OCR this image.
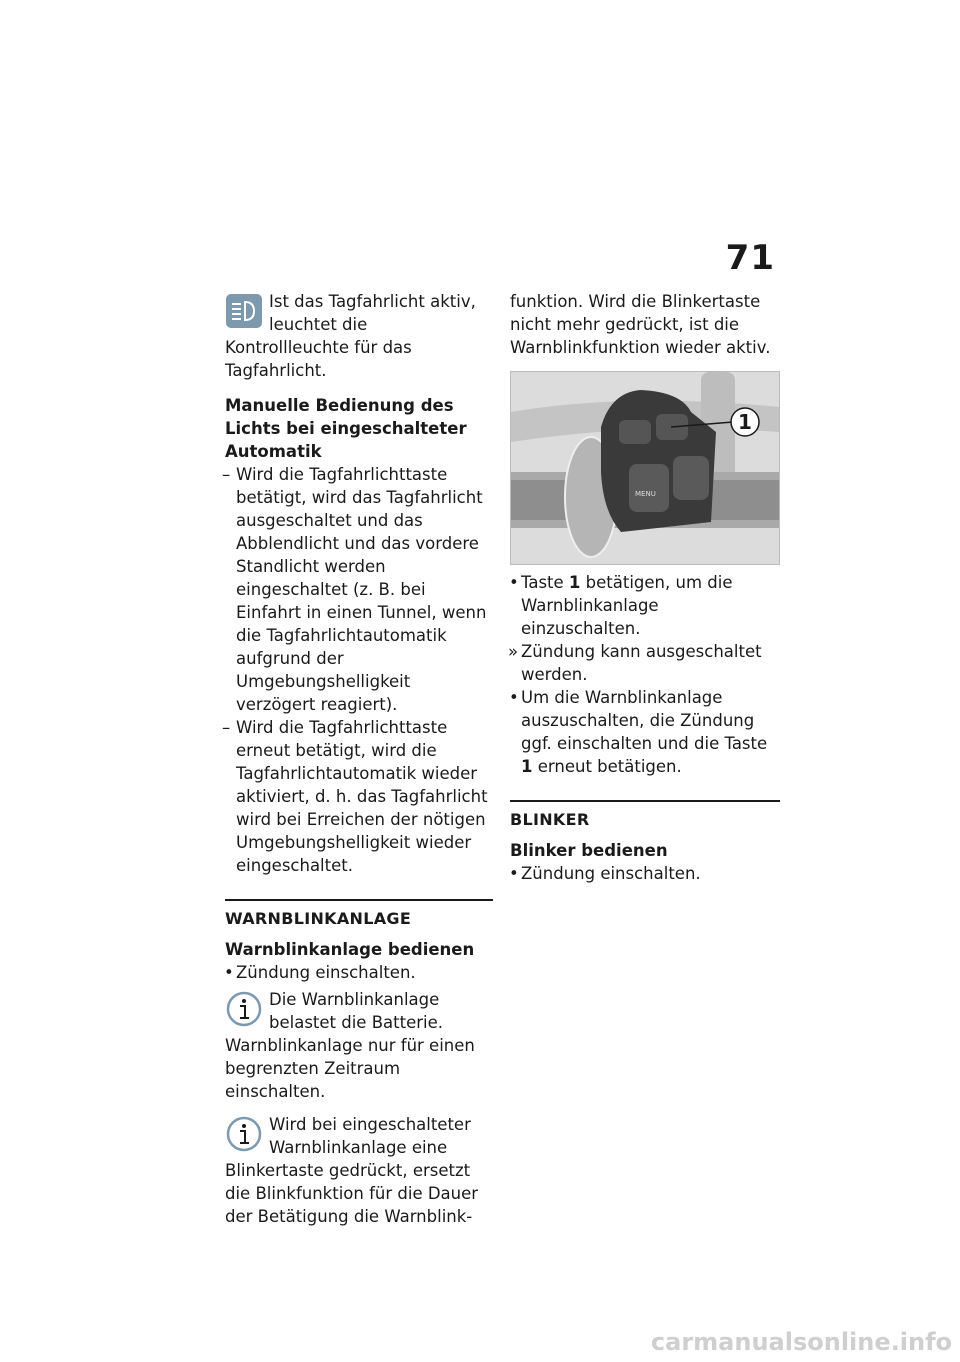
71

Ist das Tagfahrlicht aktiv, leuchtet die Kontrollleuchte für das Tagfahrlicht.

Manuelle Bedienung des Lichts bei eingeschalteter Automatik

– Wird die Tagfahrlichttaste betätigt, wird das Tagfahrlicht ausgeschaltet und das Abblendlicht und das vordere Standlicht werden eingeschaltet (z. B. bei Einfahrt in einen Tunnel, wenn die Tagfahrlichtautomatik aufgrund der Umgebungshelligkeit verzögert reagiert).
– Wird die Tagfahrlichttaste erneut betätigt, wird die Tagfahrlichtautomatik wieder aktiviert, d. h. das Tagfahrlicht wird bei Erreichen der nötigen Umgebungshelligkeit wieder eingeschaltet.

WARNBLINKANLAGE

Warnblinkanlage bedienen

• Zündung einschalten.

Die Warnblinkanlage belastet die Batterie. Warnblinkanlage nur für einen begrenzten Zeitraum einschalten.

Wird bei eingeschalteter Warnblinkanlage eine Blinkertaste gedrückt, ersetzt die Blinkfunktion für die Dauer der Betätigung die Warnblink-

funktion. Wird die Blinkertaste nicht mehr gedrückt, ist die Warnblinkfunktion wieder aktiv.

MENU
1
• Taste 1 betätigen, um die Warnblinkanlage einzuschalten.
» Zündung kann ausgeschaltet werden.
• Um die Warnblinkanlage auszuschalten, die Zündung ggf. einschalten und die Taste 1 erneut betätigen.

BLINKER

Blinker bedienen

• Zündung einschalten.
carmanualsonline.info
